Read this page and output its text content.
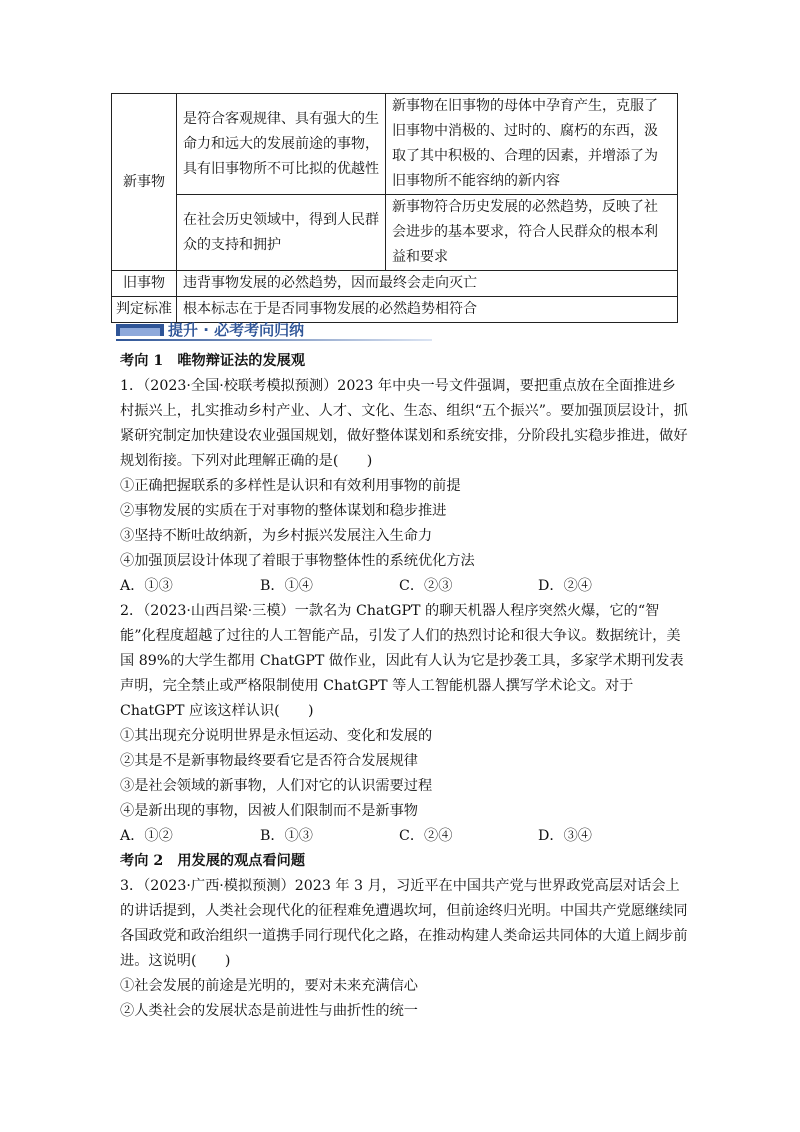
新事物	是符合客观规律、具有强大的生命力和远大的发展前途的事物，具有旧事物所不可比拟的优越性	新事物在旧事物的母体中孕育产生，克服了旧事物中消极的、过时的、腐朽的东西，汲取了其中积极的、合理的因素，并增添了为旧事物所不能容纳的新内容
	在社会历史领域中，得到人民群众的支持和拥护	新事物符合历史发展的必然趋势，反映了社会进步的基本要求，符合人民群众的根本利益和要求
旧事物	违背事物发展的必然趋势，因而最终会走向灭亡	
判定标准	根本标志在于是否同事物发展的必然趋势相符合	
提升 · 必考考向归纳
考向 1　唯物辩证法的发展观
1．（2023·全国·校联考模拟预测）2023 年中央一号文件强调，要把重点放在全面推进乡村振兴上，扎实推动乡村产业、人才、文化、生态、组织“五个振兴”。要加强顶层设计，抓紧研究制定加快建设农业强国规划，做好整体谋划和系统安排，分阶段扎实稳步推进，做好规划衔接。下列对此理解正确的是(　　)
①正确把握联系的多样性是认识和有效利用事物的前提
②事物发展的实质在于对事物的整体谋划和稳步推进
③坚持不断吐故纳新，为乡村振兴发展注入生命力
④加强顶层设计体现了着眼于事物整体性的系统优化方法
A．①③	B．①④	C．②③	D．②④
2．（2023·山西吕梁·三模）一款名为 ChatGPT 的聊天机器人程序突然火爆，它的“智能”化程度超越了过往的人工智能产品，引发了人们的热烈讨论和很大争议。数据统计，美国 89%的大学生都用 ChatGPT 做作业，因此有人认为它是抄袭工具，多家学术期刊发表声明，完全禁止或严格限制使用 ChatGPT 等人工智能机器人撰写学术论文。对于 ChatGPT 应该这样认识(　　)
①其出现充分说明世界是永恒运动、变化和发展的
②其是不是新事物最终要看它是否符合发展规律
③是社会领域的新事物，人们对它的认识需要过程
④是新出现的事物，因被人们限制而不是新事物
A．①②	B．①③	C．②④	D．③④
考向 2　用发展的观点看问题
3．（2023·广西·模拟预测）2023 年 3 月，习近平在中国共产党与世界政党高层对话会上的讲话提到，人类社会现代化的征程难免遭遇坎坷，但前途终归光明。中国共产党愿继续同各国政党和政治组织一道携手同行现代化之路，在推动构建人类命运共同体的大道上阔步前进。这说明(　　)
①社会发展的前途是光明的，要对未来充满信心
②人类社会的发展状态是前进性与曲折性的统一
